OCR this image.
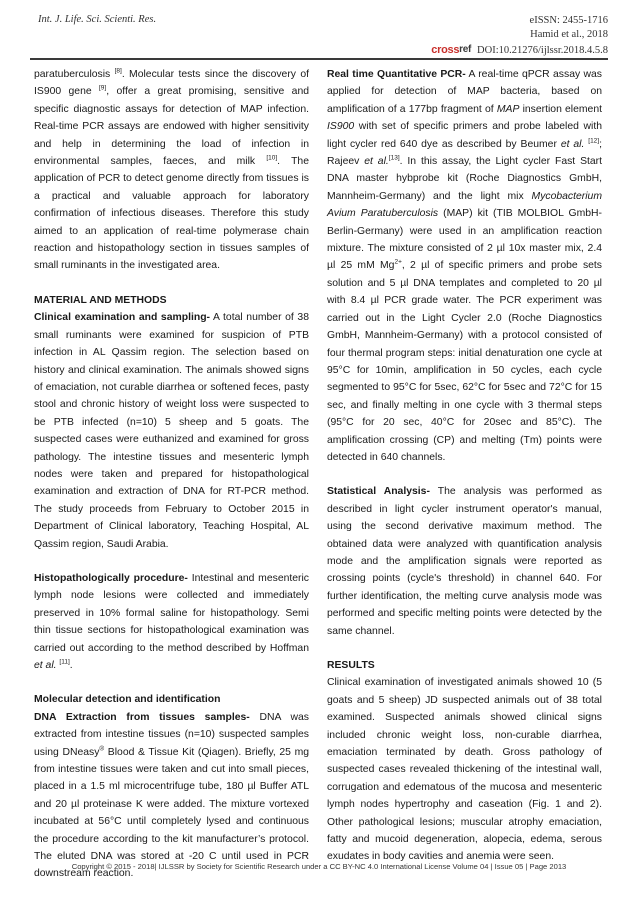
Int. J. Life. Sci. Scienti. Res.	eISSN: 2455-1716
Hamid et al., 2018
crossref DOI:10.21276/ijlssr.2018.4.5.8

paratuberculosis [8]. Molecular tests since the discovery of IS900 gene [9], offer a great promising, sensitive and specific diagnostic assays for detection of MAP infection. Real-time PCR assays are endowed with higher sensitivity and help in determining the load of infection in environmental samples, faeces, and milk [10]. The application of PCR to detect genome directly from tissues is a practical and valuable approach for laboratory confirmation of infectious diseases. Therefore this study aimed to an application of real-time polymerase chain reaction and histopathology section in tissues samples of small ruminants in the investigated area.

MATERIAL AND METHODS

Clinical examination and sampling- A total number of 38 small ruminants were examined for suspicion of PTB infection in AL Qassim region. The selection based on history and clinical examination. The animals showed signs of emaciation, not curable diarrhea or softened feces, pasty stool and chronic history of weight loss were suspected to be PTB infected (n=10) 5 sheep and 5 goats. The suspected cases were euthanized and examined for gross pathology. The intestine tissues and mesenteric lymph nodes were taken and prepared for histopathological examination and extraction of DNA for RT-PCR method. The study proceeds from February to October 2015 in Department of Clinical laboratory, Teaching Hospital, AL Qassim region, Saudi Arabia.

Histopathologically procedure- Intestinal and mesenteric lymph node lesions were collected and immediately preserved in 10% formal saline for histopathology. Semi thin tissue sections for histopathological examination was carried out according to the method described by Hoffman et al. [11].

Molecular detection and identification

DNA Extraction from tissues samples- DNA was extracted from intestine tissues (n=10) suspected samples using DNeasy® Blood & Tissue Kit (Qiagen). Briefly, 25 mg from intestine tissues were taken and cut into small pieces, placed in a 1.5 ml microcentrifuge tube, 180 µl Buffer ATL and 20 µl proteinase K were added. The mixture vortexed incubated at 56°C until completely lysed and continuous the procedure according to the kit manufacturer’s protocol. The eluted DNA was stored at -20 C until used in PCR downstream reaction.

Real time Quantitative PCR- A real-time qPCR assay was applied for detection of MAP bacteria, based on amplification of a 177bp fragment of MAP insertion element IS900 with set of specific primers and probe labeled with light cycler red 640 dye as described by Beumer et al. [12]; Rajeev et al.[13]. In this assay, the Light cycler Fast Start DNA master hybprobe kit (Roche Diagnostics GmbH, Mannheim-Germany) and the light mix Mycobacterium Avium Paratuberculosis (MAP) kit (TIB MOLBIOL GmbH-Berlin-Germany) were used in an amplification reaction mixture. The mixture consisted of 2 µl 10x master mix, 2.4 µl 25 mM $Mg^{2+}$, 2 µl of specific primers and probe sets solution and 5 µl DNA templates and completed to 20 µl with 8.4 µl PCR grade water. The PCR experiment was carried out in the Light Cycler 2.0 (Roche Diagnostics GmbH, Mannheim-Germany) with a protocol consisted of four thermal program steps: initial denaturation one cycle at 95°C for 10min, amplification in 50 cycles, each cycle segmented to 95°C for 5sec, 62°C for 5sec and 72°C for 15 sec, and finally melting in one cycle with 3 thermal steps (95°C for 20 sec, 40°C for 20sec and 85°C). The amplification crossing (CP) and melting (Tm) points were detected in 640 channels.

Statistical Analysis- The analysis was performed as described in light cycler instrument operator's manual, using the second derivative maximum method. The obtained data were analyzed with quantification analysis mode and the amplification signals were reported as crossing points (cycle's threshold) in channel 640. For further identification, the melting curve analysis mode was performed and specific melting points were detected by the same channel.

RESULTS

Clinical examination of investigated animals showed 10 (5 goats and 5 sheep) JD suspected animals out of 38 total examined. Suspected animals showed clinical signs included chronic weight loss, non-curable diarrhea, emaciation terminated by death. Gross pathology of suspected cases revealed thickening of the intestinal wall, corrugation and edematous of the mucosa and mesenteric lymph nodes hypertrophy and caseation (Fig. 1 and 2). Other pathological lesions; muscular atrophy emaciation, fatty and mucoid degeneration, alopecia, edema, serous exudates in body cavities and anemia were seen.

Copyright © 2015 - 2018| IJLSSR by Society for Scientific Research under a CC BY-NC 4.0 International License Volume 04 | Issue 05 | Page 2013
